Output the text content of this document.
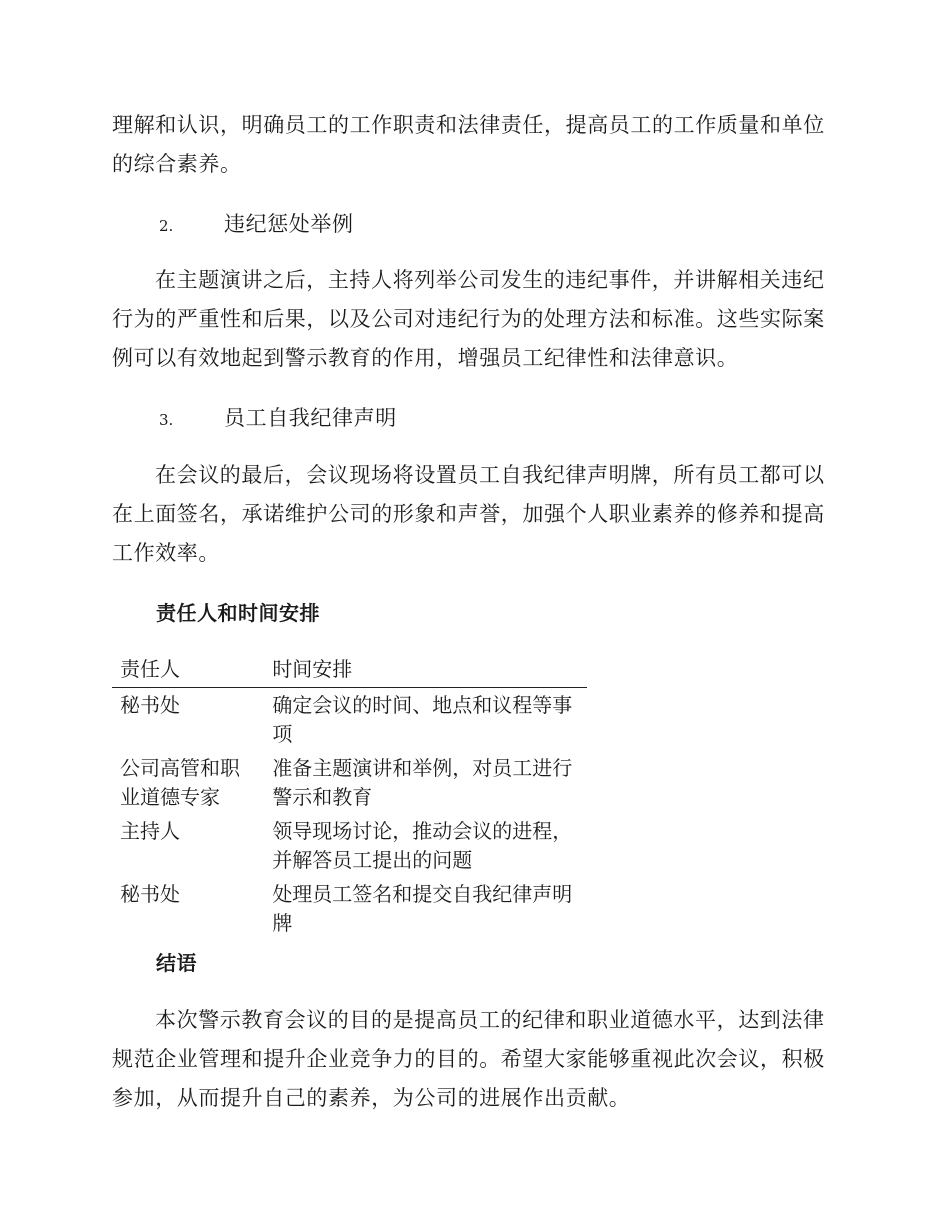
理解和认识，明确员工的工作职责和法律责任，提高员工的工作质量和单位的综合素养。

2. 违纪惩处举例

在主题演讲之后，主持人将列举公司发生的违纪事件，并讲解相关违纪行为的严重性和后果，以及公司对违纪行为的处理方法和标准。这些实际案例可以有效地起到警示教育的作用，增强员工纪律性和法律意识。

3. 员工自我纪律声明

在会议的最后，会议现场将设置员工自我纪律声明牌，所有员工都可以在上面签名，承诺维护公司的形象和声誉，加强个人职业素养的修养和提高工作效率。

责任人和时间安排
责任人	时间安排
秘书处	确定会议的时间、地点和议程等事项
公司高管和职业道德专家	准备主题演讲和举例，对员工进行警示和教育
主持人	领导现场讨论，推动会议的进程，并解答员工提出的问题
秘书处	处理员工签名和提交自我纪律声明牌
结语

本次警示教育会议的目的是提高员工的纪律和职业道德水平，达到法律规范企业管理和提升企业竞争力的目的。希望大家能够重视此次会议，积极参加，从而提升自己的素养，为公司的进展作出贡献。
